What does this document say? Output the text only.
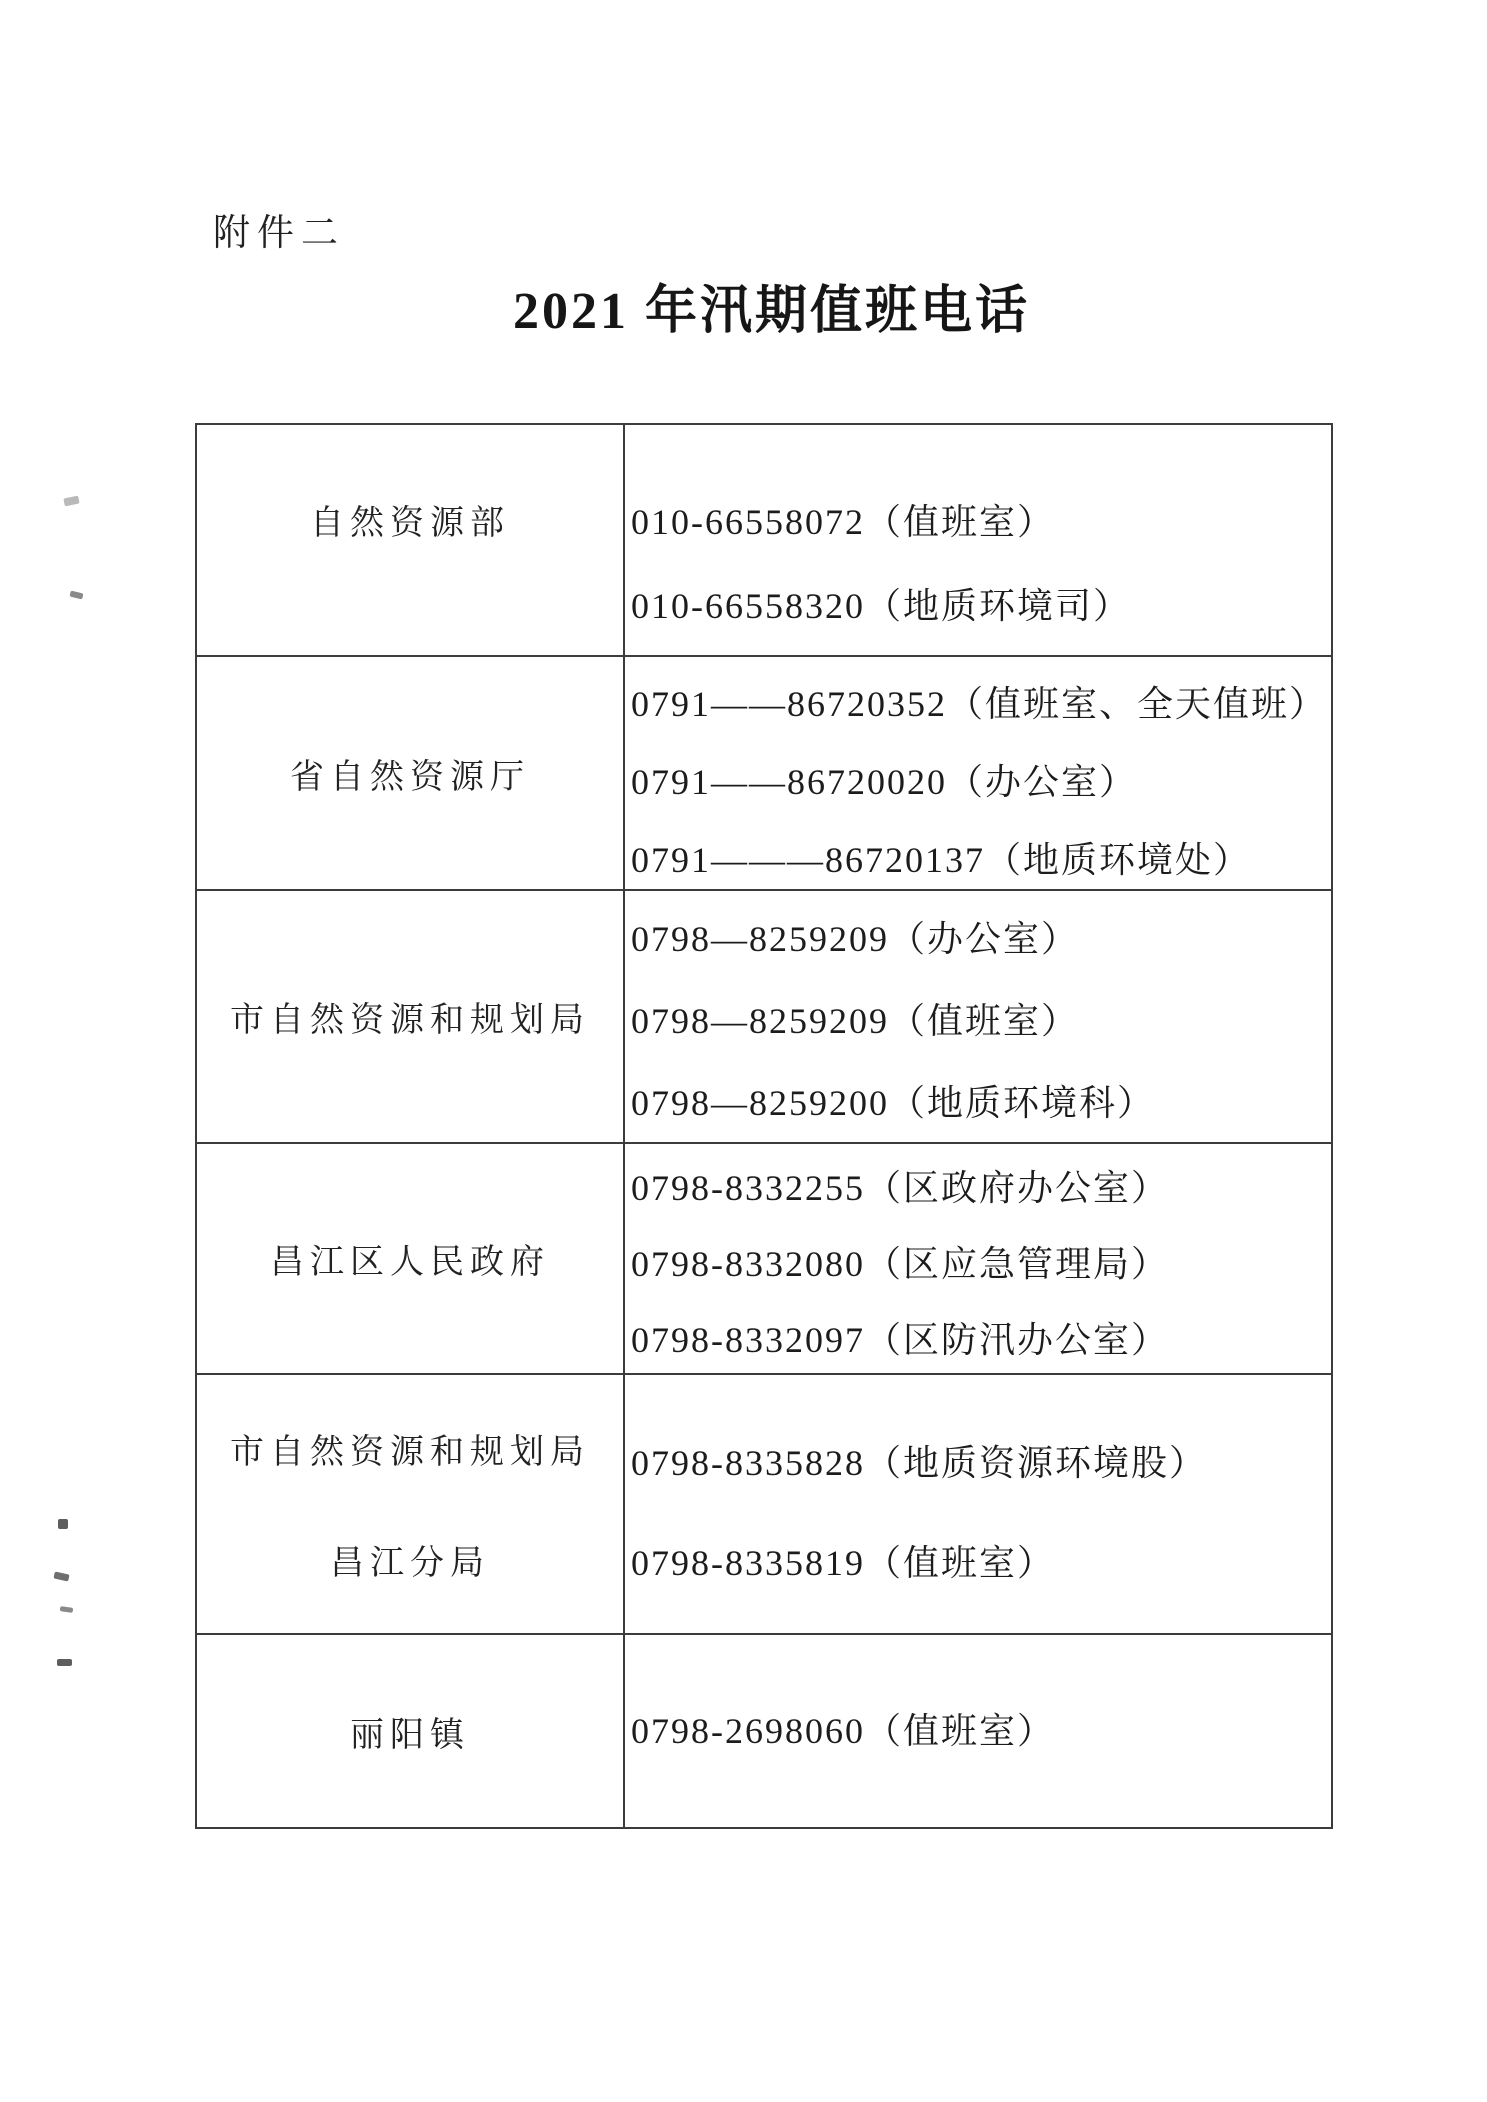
附件二
2021 年汛期值班电话
自然资源部	010-66558072（值班室）
010-66558320（地质环境司）
省自然资源厅
0791——86720352（值班室、全天值班）
0791——86720020（办公室）
0791———86720137（地质环境处）
市自然资源和规划局
0798—8259209（办公室）
0798—8259209（值班室）
0798—8259200（地质环境科）
昌江区人民政府
0798-8332255（区政府办公室）
0798-8332080（区应急管理局）
0798-8332097（区防汛办公室）
市自然资源和规划局
昌江分局
0798-8335828（地质资源环境股）
0798-8335819（值班室）
丽阳镇	0798-2698060（值班室）
